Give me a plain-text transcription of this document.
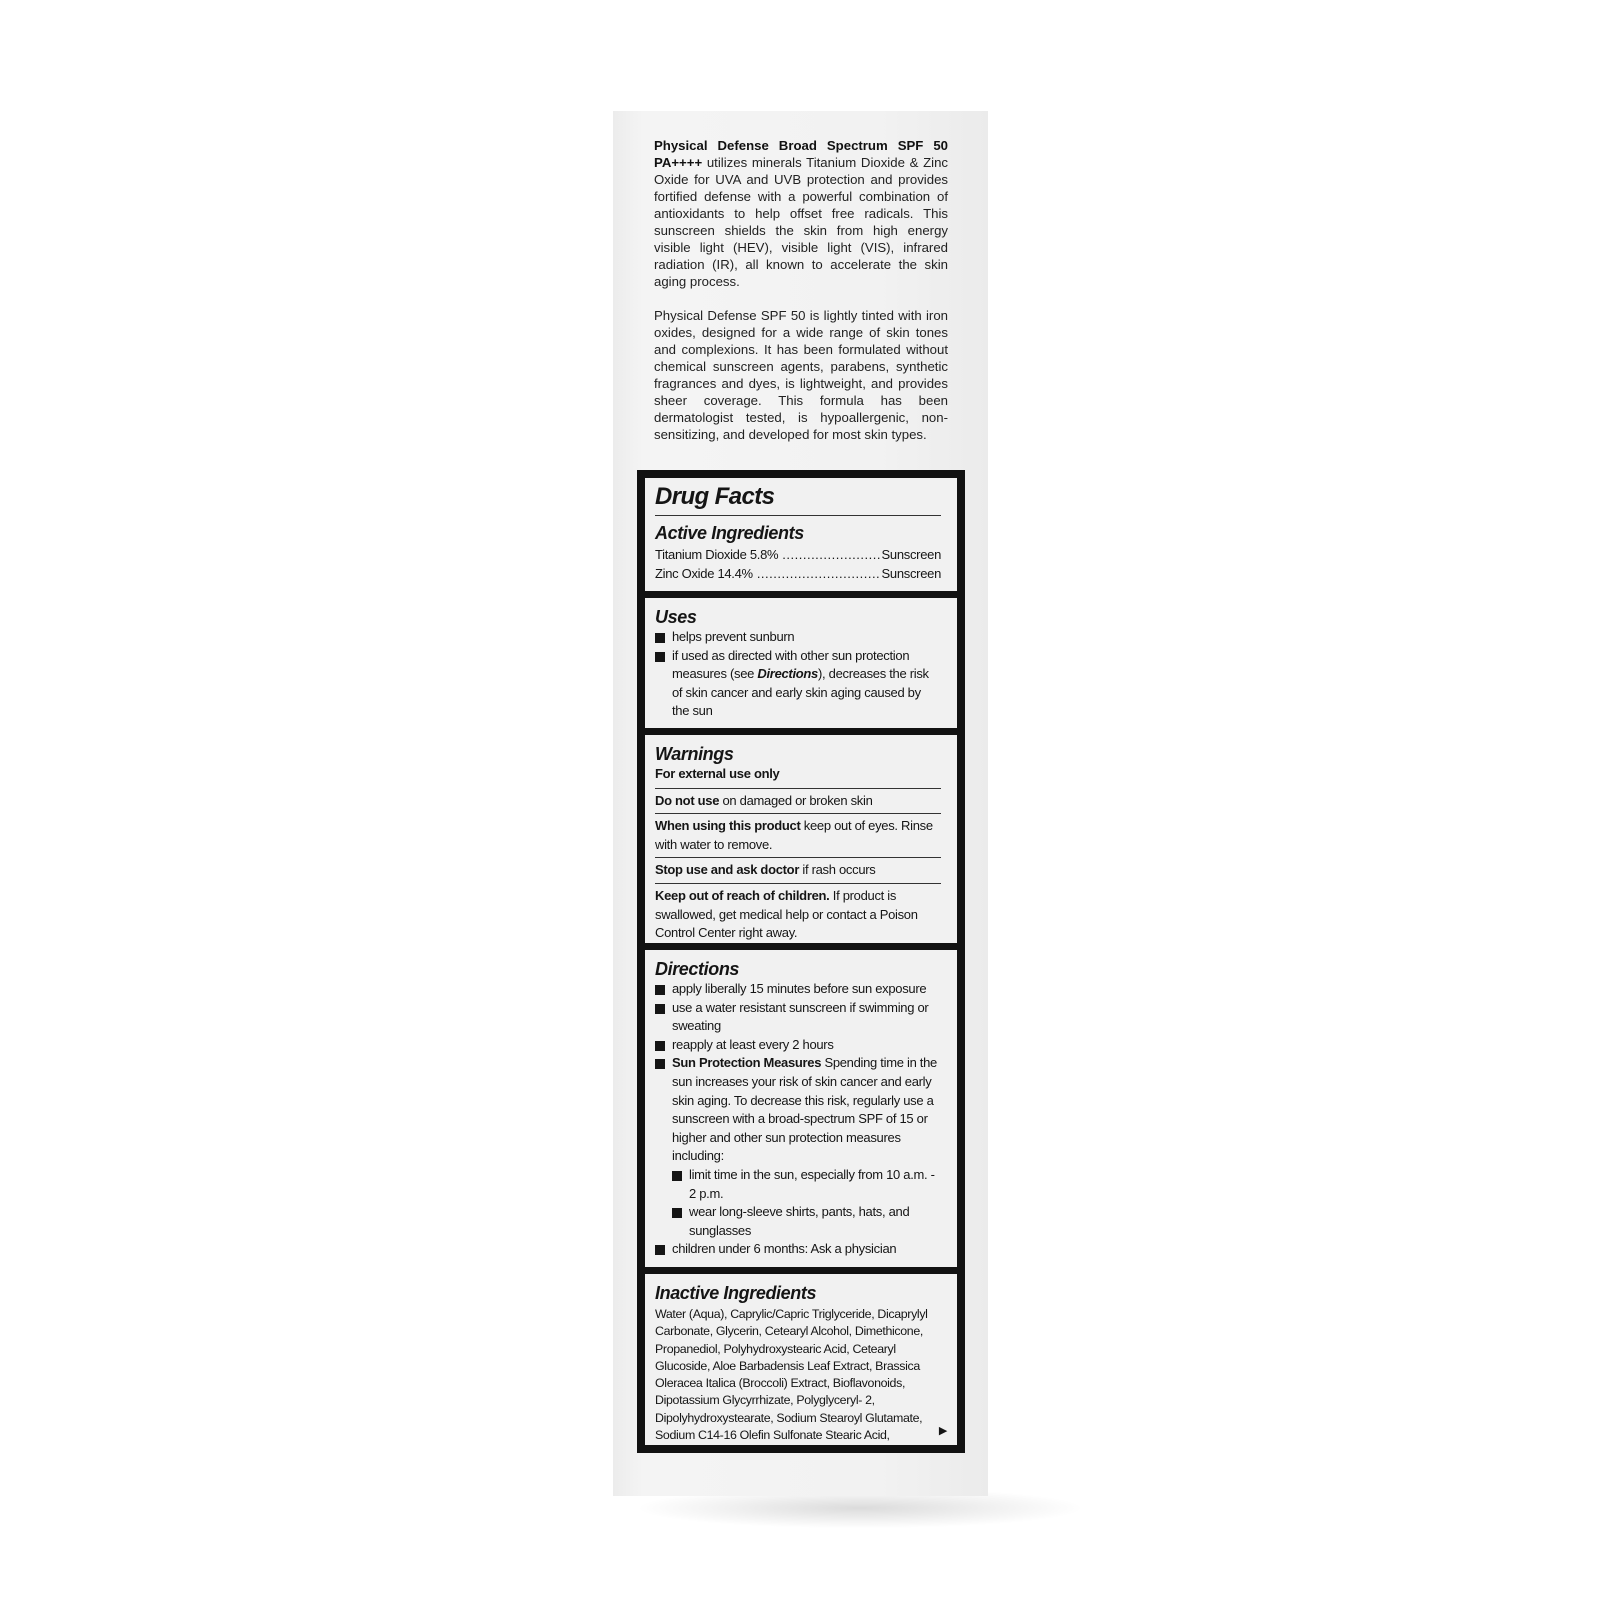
Physical Defense Broad Spectrum SPF 50 PA++++ utilizes minerals Titanium Dioxide & Zinc Oxide for UVA and UVB protection and provides fortified defense with a powerful combination of antioxidants to help offset free radicals. This sunscreen shields the skin from high energy visible light (HEV), visible light (VIS), infrared radiation (IR), all known to accelerate the skin aging process.

Physical Defense SPF 50 is lightly tinted with iron oxides, designed for a wide range of skin tones and complexions. It has been formulated without chemical sunscreen agents, parabens, synthetic fragrances and dyes, is lightweight, and provides sheer coverage. This formula has been dermatologist tested, is hypoallergenic, non-sensitizing, and developed for most skin types.

Drug Facts
Active Ingredients
Titanium Dioxide 5.8% .....	Sunscreen
Zinc Oxide 14.4% .....	Sunscreen
Uses
helps prevent sunburn
if used as directed with other sun protection measures (see Directions), decreases the risk of skin cancer and early skin aging caused by the sun
Warnings
For external use only
Do not use on damaged or broken skin
When using this product keep out of eyes. Rinse with water to remove.
Stop use and ask doctor if rash occurs
Keep out of reach of children. If product is swallowed, get medical help or contact a Poison Control Center right away.
Directions
apply liberally 15 minutes before sun exposure
use a water resistant sunscreen if swimming or sweating
reapply at least every 2 hours
Sun Protection Measures Spending time in the sun increases your risk of skin cancer and early skin aging. To decrease this risk, regularly use a sunscreen with a broad-spectrum SPF of 15 or higher and other sun protection measures including:
limit time in the sun, especially from 10 a.m. - 2 p.m.
wear long-sleeve shirts, pants, hats, and sunglasses
children under 6 months: Ask a physician
Inactive Ingredients
Water (Aqua), Caprylic/Capric Triglyceride, Dicaprylyl Carbonate, Glycerin, Cetearyl Alcohol, Dimethicone, Propanediol, Polyhydroxystearic Acid, Cetearyl Glucoside, Aloe Barbadensis Leaf Extract, Brassica Oleracea Italica (Broccoli) Extract, Bioflavonoids, Dipotassium Glycyrrhizate, Polyglyceryl- 2, Dipolyhydroxystearate, Sodium Stearoyl Glutamate, Sodium C14-16 Olefin Sulfonate Stearic Acid,	▶
